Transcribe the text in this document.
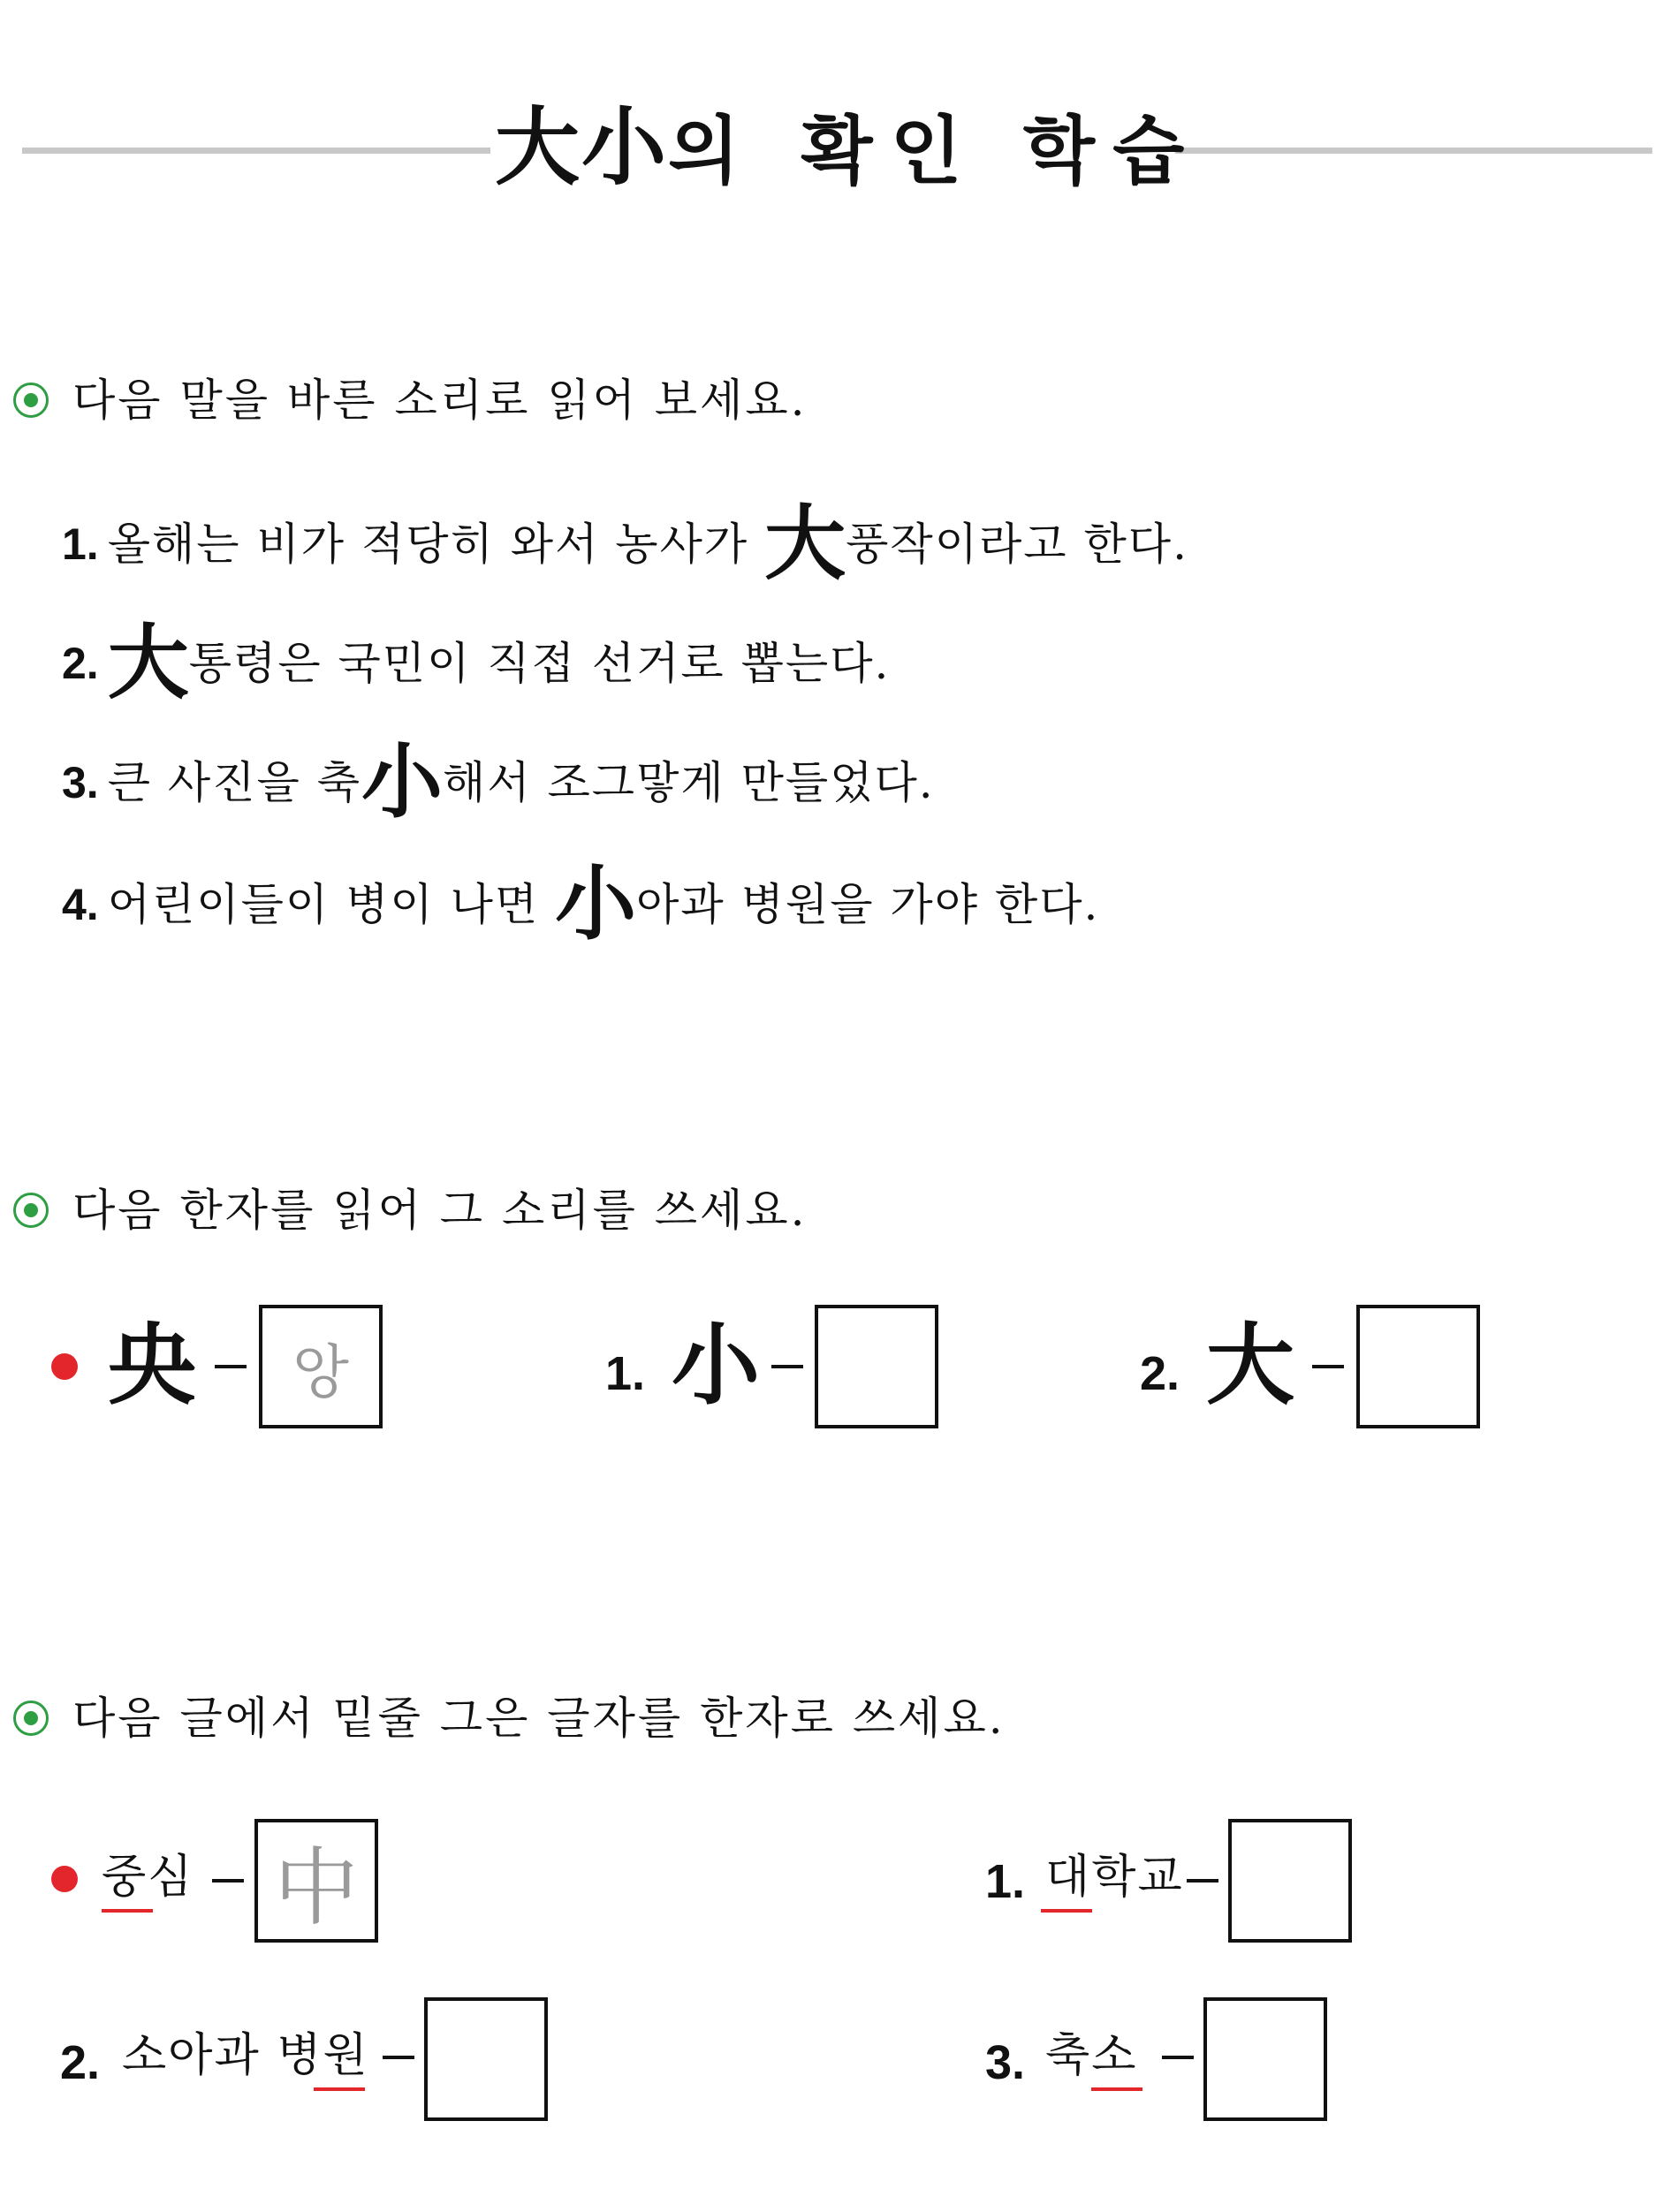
大小의 확인 학습
다음 말을 바른 소리로 읽어 보세요.
1. 올해는 비가 적당히 와서 농사가 大풍작이라고 한다.
2. 大통령은 국민이 직접 선거로 뽑는다.
3. 큰 사진을 축小해서 조그맣게 만들었다.
4. 어린이들이 병이 나면 小아과 병원을 가야 한다.
다음 한자를 읽어 그 소리를 쓰세요.
央 앙	1. 小	2. 大
다음 글에서 밑줄 그은 글자를 한자로 쓰세요.
중심 中	1. 대학교
2. 소아과 병원	3. 축소
